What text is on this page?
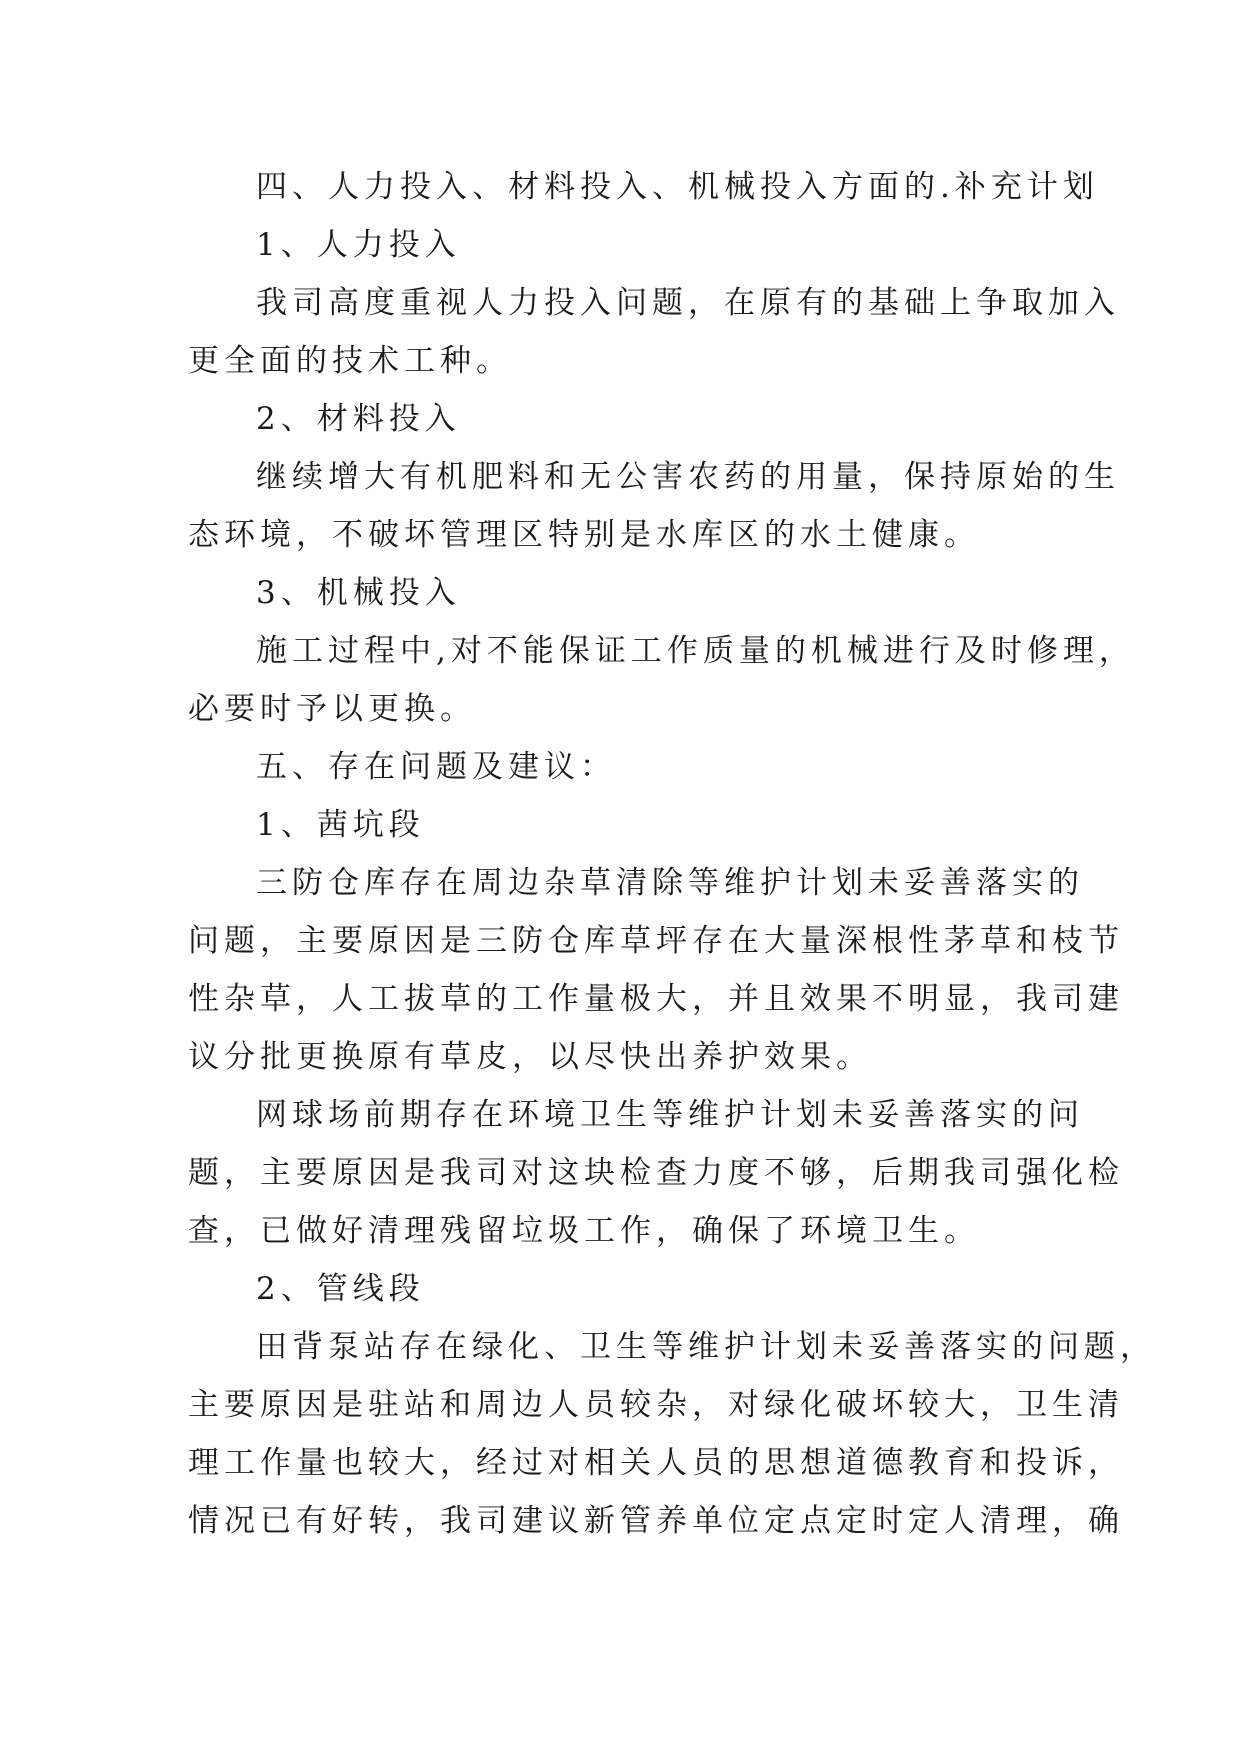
四、人力投入、材料投入、机械投入方面的.补充计划

1、人力投入

我司高度重视人力投入问题，在原有的基础上争取加入

更全面的技术工种。

2、材料投入

继续增大有机肥料和无公害农药的用量，保持原始的生

态环境，不破坏管理区特别是水库区的水土健康。

3、机械投入

施工过程中,对不能保证工作质量的机械进行及时修理，

必要时予以更换。

五、存在问题及建议：

1、茜坑段

三防仓库存在周边杂草清除等维护计划未妥善落实的

问题，主要原因是三防仓库草坪存在大量深根性茅草和枝节

性杂草，人工拔草的工作量极大，并且效果不明显，我司建

议分批更换原有草皮，以尽快出养护效果。

网球场前期存在环境卫生等维护计划未妥善落实的问

题，主要原因是我司对这块检查力度不够，后期我司强化检

查，已做好清理残留垃圾工作，确保了环境卫生。

2、管线段

田背泵站存在绿化、卫生等维护计划未妥善落实的问题，

主要原因是驻站和周边人员较杂，对绿化破坏较大，卫生清

理工作量也较大，经过对相关人员的思想道德教育和投诉，

情况已有好转，我司建议新管养单位定点定时定人清理，确
